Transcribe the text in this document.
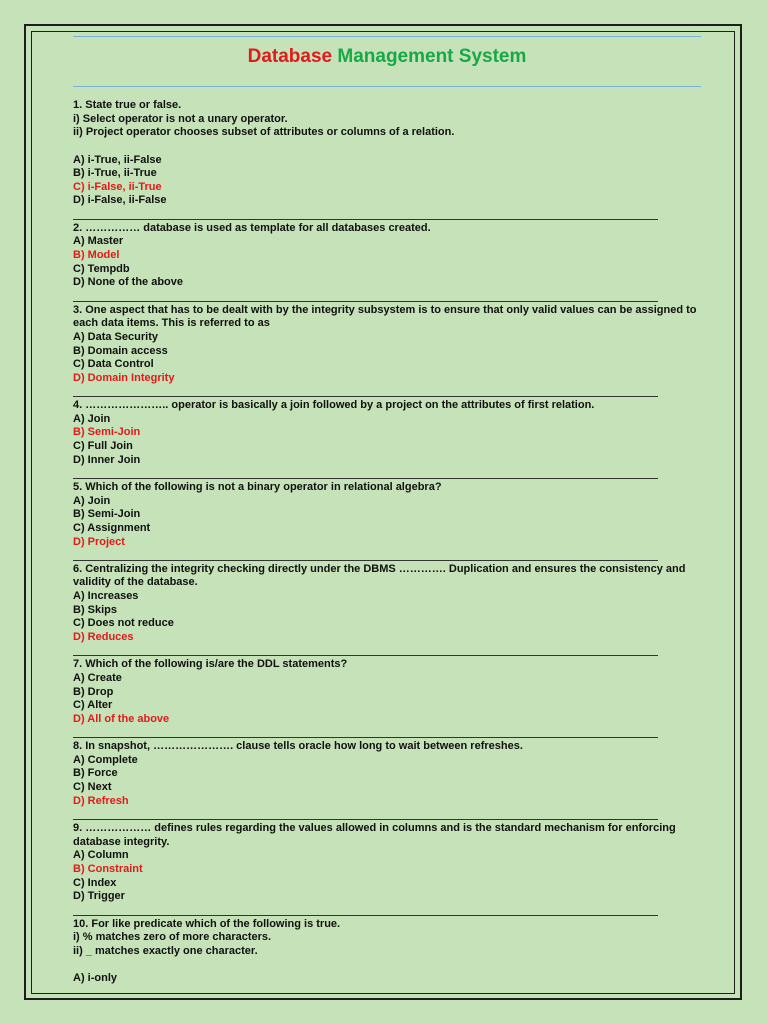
Database Management System
1. State true or false.
i) Select operator is not a unary operator.
ii) Project operator chooses subset of attributes or columns of a relation.
A) i-True, ii-False
B) i-True, ii-True
C) i-False, ii-True
D) i-False, ii-False
2. …………… database is used as template for all databases created.
A) Master
B) Model
C) Tempdb
D) None of the above
3. One aspect that has to be dealt with by the integrity subsystem is to ensure that only valid values can be assigned to each data items. This is referred to as
A) Data Security
B) Domain access
C) Data Control
D) Domain Integrity
4. ………………….. operator is basically a join followed by a project on the attributes of first relation.
A) Join
B) Semi-Join
C) Full Join
D) Inner Join
5. Which of the following is not a binary operator in relational algebra?
A) Join
B) Semi-Join
C) Assignment
D) Project
6. Centralizing the integrity checking directly under the DBMS …………. Duplication and ensures the consistency and validity of the database.
A) Increases
B) Skips
C) Does not reduce
D) Reduces
7. Which of the following is/are the DDL statements?
A) Create
B) Drop
C) Alter
D) All of the above
8. In snapshot, …………………. clause tells oracle how long to wait between refreshes.
A) Complete
B) Force
C) Next
D) Refresh
9. ……………… defines rules regarding the values allowed in columns and is the standard mechanism for enforcing database integrity.
A) Column
B) Constraint
C) Index
D) Trigger
10. For like predicate which of the following is true.
i) % matches zero of more characters.
ii) _ matches exactly one character.
A) i-only
